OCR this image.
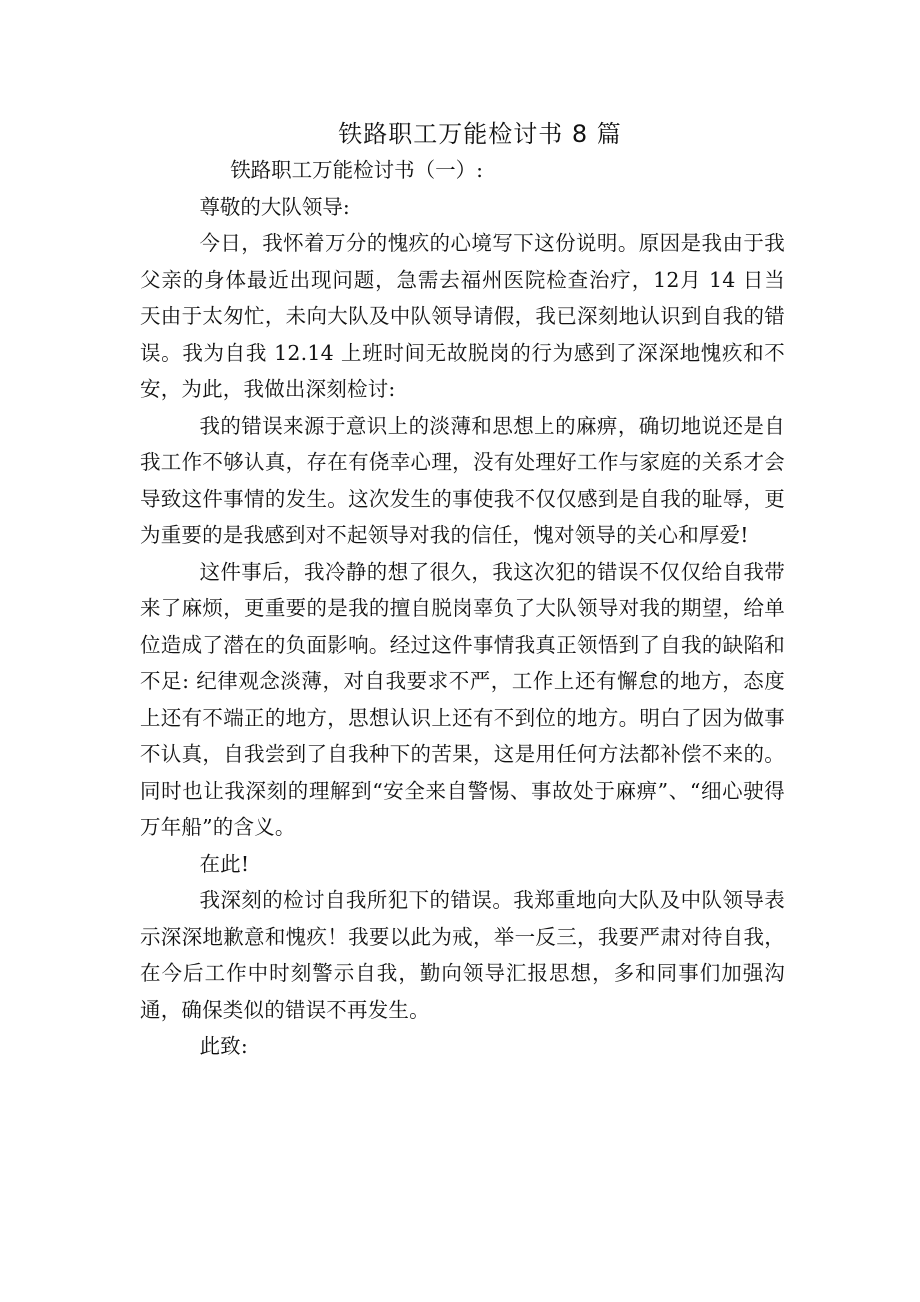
铁路职工万能检讨书 8 篇

铁路职工万能检讨书（一）:

尊敬的大队领导:

今日，我怀着万分的愧疚的心境写下这份说明。原因是我由于我父亲的身体最近出现问题，急需去福州医院检查治疗，12月 14 日当天由于太匆忙，未向大队及中队领导请假，我已深刻地认识到自我的错误。我为自我 12.14 上班时间无故脱岗的行为感到了深深地愧疚和不安，为此，我做出深刻检讨:

我的错误来源于意识上的淡薄和思想上的麻痹，确切地说还是自我工作不够认真，存在有侥幸心理，没有处理好工作与家庭的关系才会导致这件事情的发生。这次发生的事使我不仅仅感到是自我的耻辱，更为重要的是我感到对不起领导对我的信任，愧对领导的关心和厚爱!

这件事后，我冷静的想了很久，我这次犯的错误不仅仅给自我带来了麻烦，更重要的是我的擅自脱岗辜负了大队领导对我的期望，给单位造成了潜在的负面影响。经过这件事情我真正领悟到了自我的缺陷和不足: 纪律观念淡薄，对自我要求不严，工作上还有懈怠的地方，态度上还有不端正的地方，思想认识上还有不到位的地方。明白了因为做事不认真，自我尝到了自我种下的苦果，这是用任何方法都补偿不来的。同时也让我深刻的理解到“安全来自警惕、事故处于麻痹”、“细心驶得万年船”的含义。

在此!

我深刻的检讨自我所犯下的错误。我郑重地向大队及中队领导表示深深地歉意和愧疚！我要以此为戒，举一反三，我要严肃对待自我，在今后工作中时刻警示自我，勤向领导汇报思想，多和同事们加强沟通，确保类似的错误不再发生。

此致:
